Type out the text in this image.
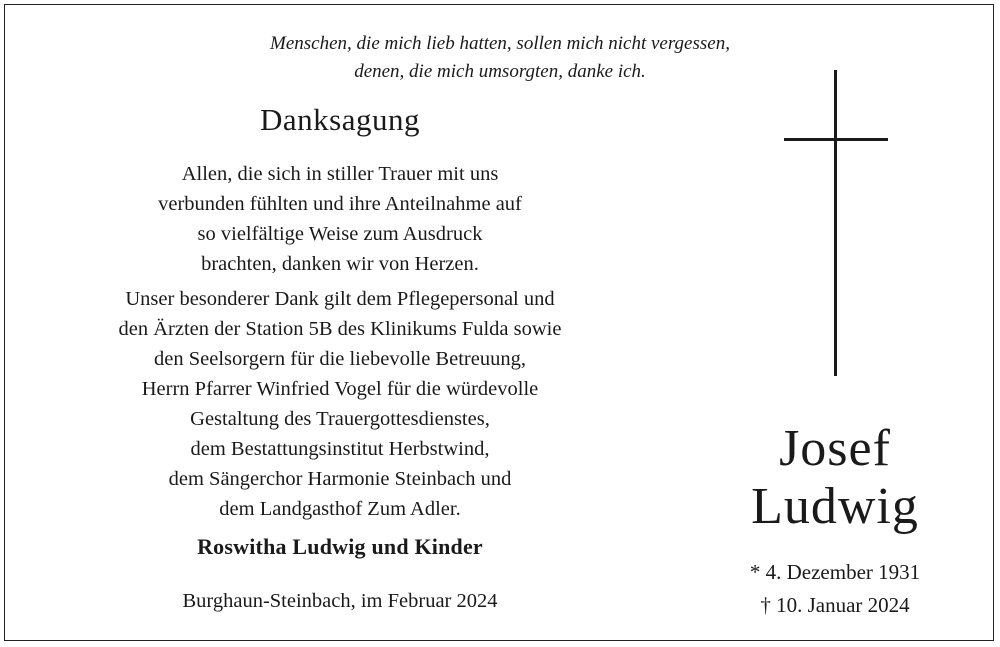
Menschen, die mich lieb hatten, sollen mich nicht vergessen,
denen, die mich umsorgten, danke ich.
Danksagung
Allen, die sich in stiller Trauer mit uns
verbunden fühlten und ihre Anteilnahme auf
so vielfältige Weise zum Ausdruck
brachten, danken wir von Herzen.
Unser besonderer Dank gilt dem Pflegepersonal und
den Ärzten der Station 5B des Klinikums Fulda sowie
den Seelsorgern für die liebevolle Betreuung,
Herrn Pfarrer Winfried Vogel für die würdevolle
Gestaltung des Trauergottesdienstes,
dem Bestattungsinstitut Herbstwind,
dem Sängerchor Harmonie Steinbach und
dem Landgasthof Zum Adler.
Roswitha Ludwig und Kinder
Burghaun-Steinbach, im Februar 2024
Josef
Ludwig
* 4. Dezember 1931
† 10. Januar 2024
